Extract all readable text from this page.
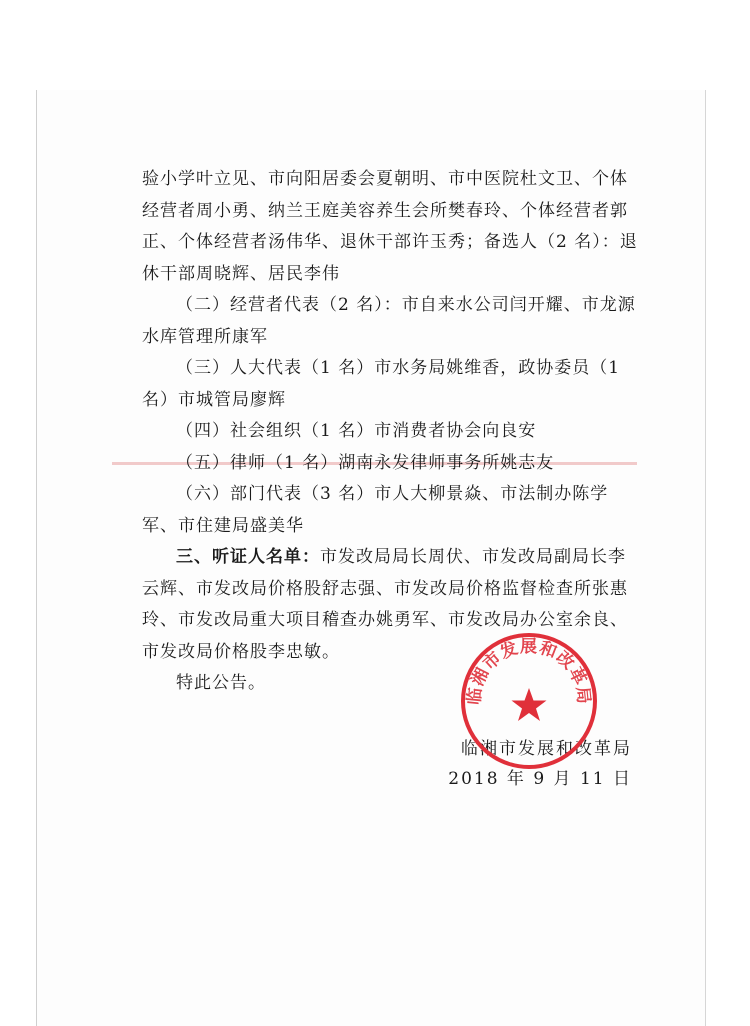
验小学叶立见、市向阳居委会夏朝明、市中医院杜文卫、个体经营者周小勇、纳兰王庭美容养生会所樊春玲、个体经营者郭正、个体经营者汤伟华、退休干部许玉秀；备选人（2 名）：退休干部周晓辉、居民李伟

（二）经营者代表（2 名）：市自来水公司闫开耀、市龙源水库管理所康军

（三）人大代表（1 名）市水务局姚维香，政协委员（1 名）市城管局廖辉

（四）社会组织（1 名）市消费者协会向良安

（五）律师（1 名）湖南永发律师事务所姚志友

（六）部门代表（3 名）市人大柳景焱、市法制办陈学军、市住建局盛美华

三、听证人名单：市发改局局长周伏、市发改局副局长李云辉、市发改局价格股舒志强、市发改局价格监督检查所张惠玲、市发改局重大项目稽查办姚勇军、市发改局办公室余良、市发改局价格股李忠敏。

特此公告。

临湘市发展和改革局
2018 年 9 月 11 日
临湘市发展和改革局
